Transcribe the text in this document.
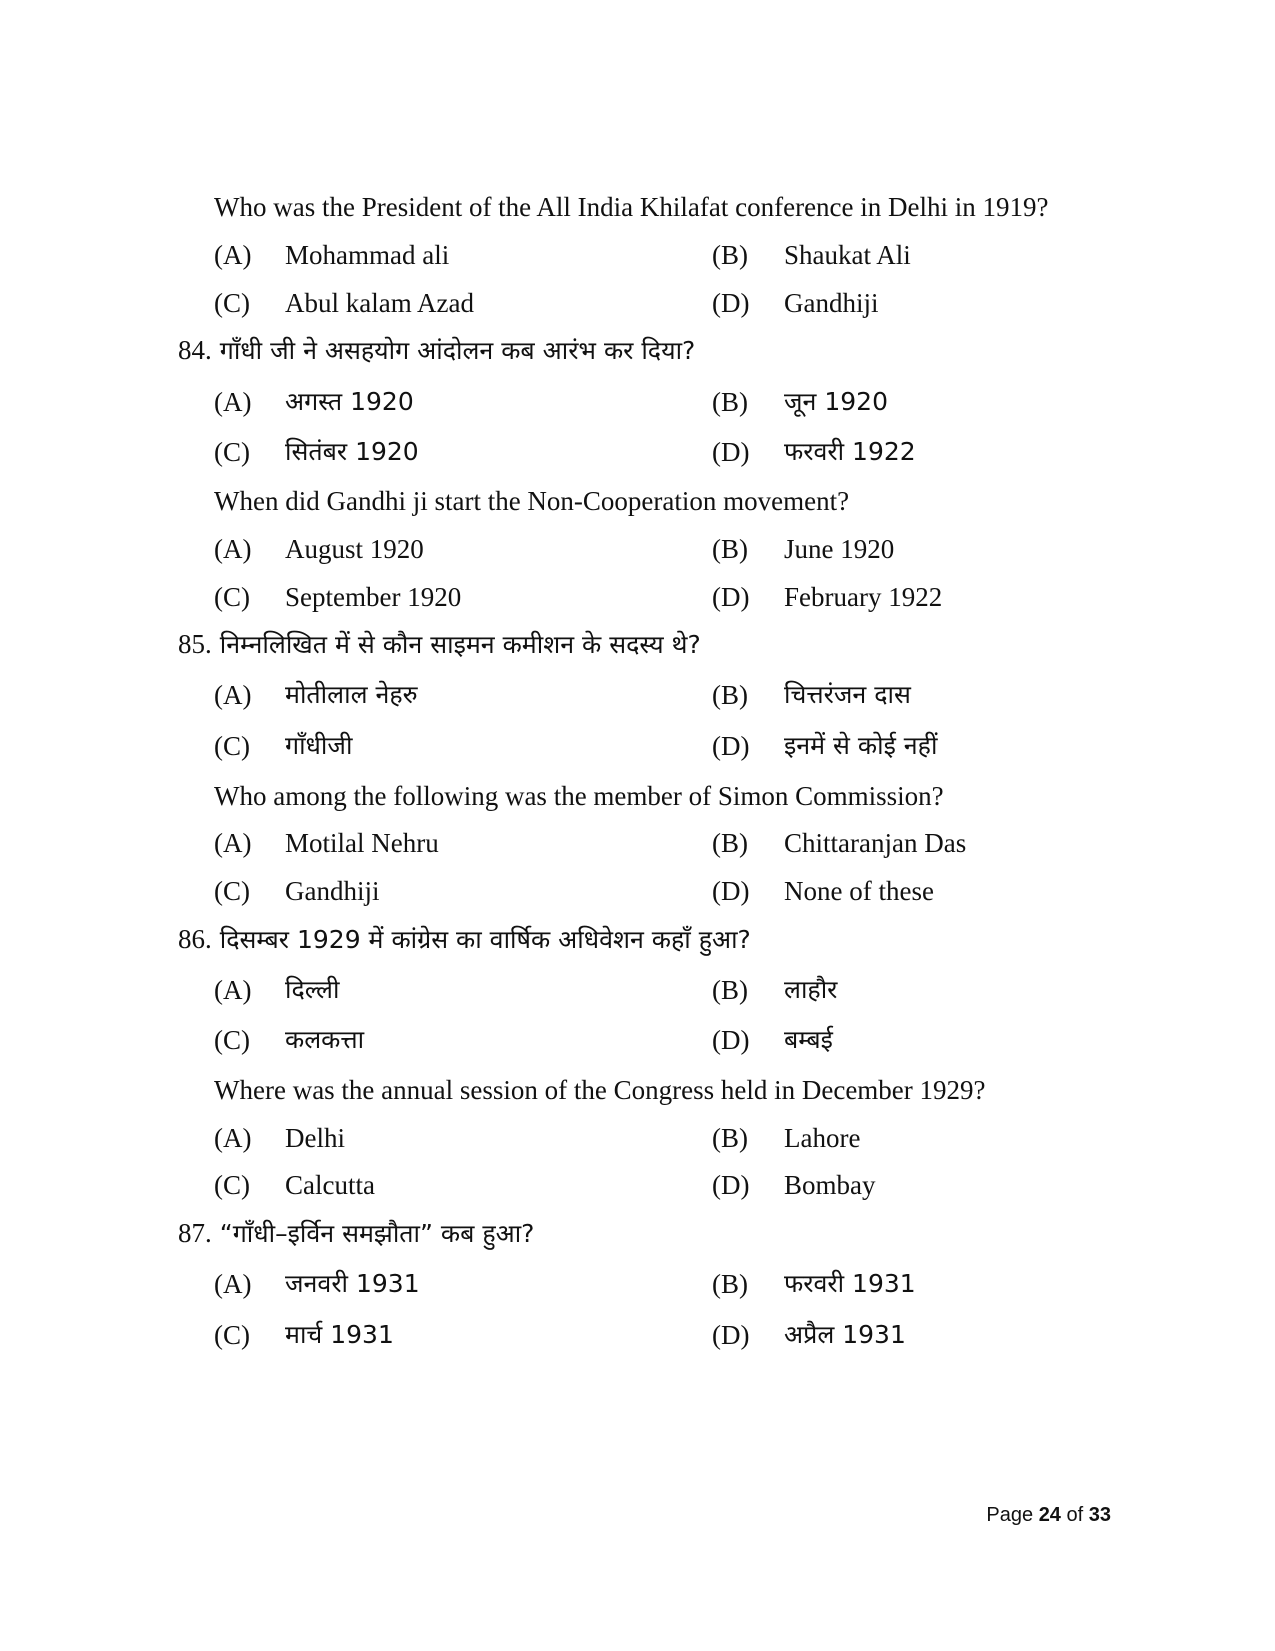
Who was the President of the All India Khilafat conference in Delhi in 1919?
(A) Mohammad ali	(B) Shaukat Ali
(C) Abul kalam Azad	(D) Gandhiji
84. गाँधी जी ने असहयोग आंदोलन कब आरंभ कर दिया?
(A) अगस्त 1920	(B) जून 1920
(C) सितंबर 1920	(D) फरवरी 1922
When did Gandhi ji start the Non-Cooperation movement?
(A) August 1920	(B) June 1920
(C) September 1920	(D) February 1922
85. निम्नलिखित में से कौन साइमन कमीशन के सदस्य थे?
(A) मोतीलाल नेहरु	(B) चित्तरंजन दास
(C) गाँधीजी	(D) इनमें से कोई नहीं
Who among the following was the member of Simon Commission?
(A) Motilal Nehru	(B) Chittaranjan Das
(C) Gandhiji	(D) None of these
86. दिसम्बर 1929 में कांग्रेस का वार्षिक अधिवेशन कहाँ हुआ?
(A) दिल्ली	(B) लाहौर
(C) कलकत्ता	(D) बम्बई
Where was the annual session of the Congress held in December 1929?
(A) Delhi	(B) Lahore
(C) Calcutta	(D) Bombay
87. “गाँधी–इर्विन समझौता” कब हुआ?
(A) जनवरी 1931	(B) फरवरी 1931
(C) मार्च 1931	(D) अप्रैल 1931
Page 24 of 33
